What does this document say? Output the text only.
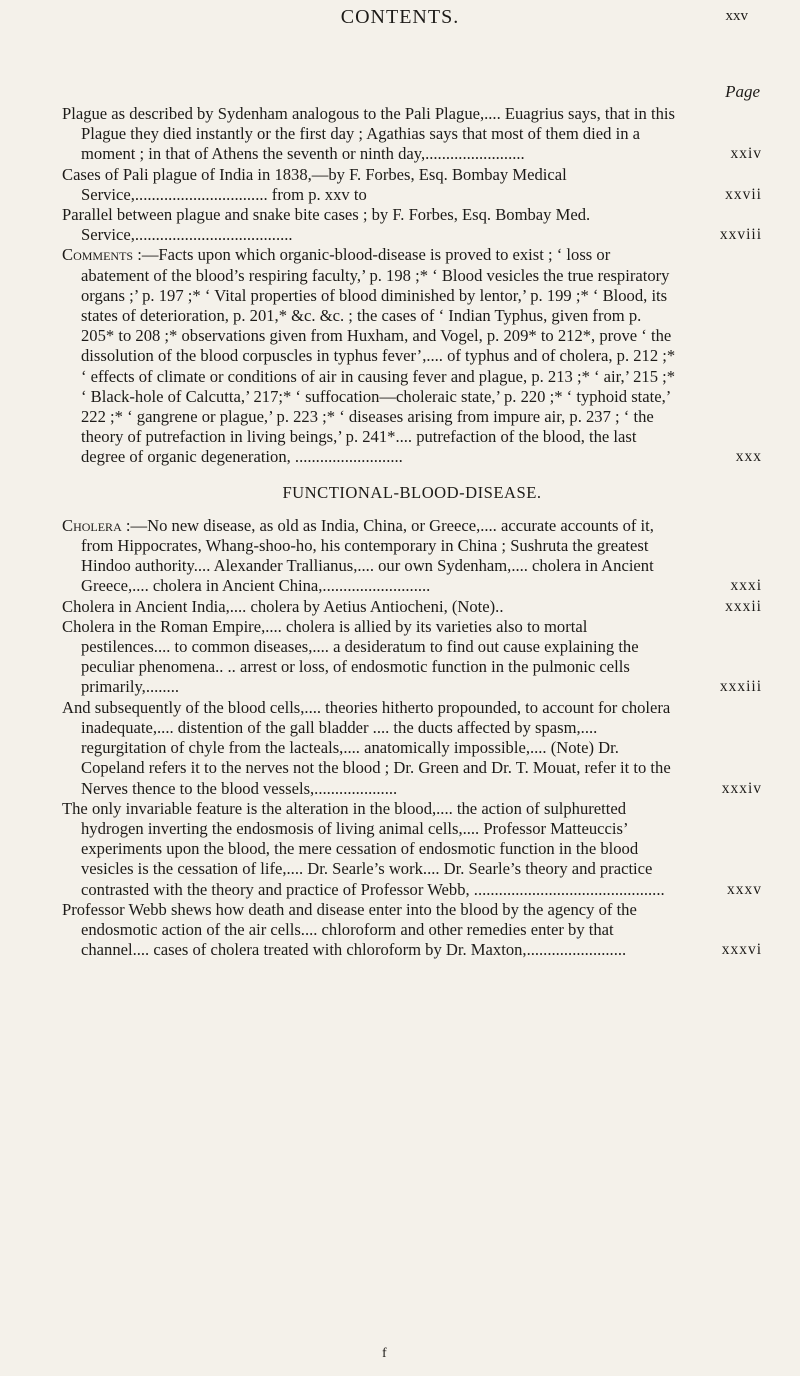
CONTENTS.	xxv
Page
Plague as described by Sydenham analogous to the Pali Plague,.... Euagrius says, that in this Plague they died instantly or the first day ; Agathias says that most of them died in a moment ; in that of Athens the seventh or ninth day,........................	xxiv
Cases of Pali plague of India in 1838,—by F. Forbes, Esq. Bombay Medical Service,................................ from p. xxv to	xxvii
Parallel between plague and snake bite cases ; by F. Forbes, Esq. Bombay Med. Service,......................................	xxviii
Comments :—Facts upon which organic-blood-disease is proved to exist ; ‘ loss or abatement of the blood’s respiring faculty,’ p. 198 ;* ‘ Blood vesicles the true respiratory organs ;’ p. 197 ;* ‘ Vital properties of blood diminished by lentor,’ p. 199 ;* ‘ Blood, its states of deterioration, p. 201,* &c. &c. ; the cases of ‘ Indian Typhus, given from p. 205* to 208 ;* observations given from Huxham, and Vogel, p. 209* to 212*, prove ‘ the dissolution of the blood corpuscles in typhus fever’,.... of typhus and of cholera, p. 212 ;* ‘ effects of climate or conditions of air in causing fever and plague, p. 213 ;* ‘ air,’ 215 ;* ‘ Black-hole of Calcutta,’ 217;* ‘ suffocation—choleraic state,’ p. 220 ;* ‘ typhoid state,’ 222 ;* ‘ gangrene or plague,’ p. 223 ;* ‘ diseases arising from impure air, p. 237 ; ‘ the theory of putrefaction in living beings,’ p. 241*.... putrefaction of the blood, the last degree of organic degeneration, ..........................	xxx
FUNCTIONAL-BLOOD-DISEASE.
Cholera :—No new disease, as old as India, China, or Greece,.... accurate accounts of it, from Hippocrates, Whang-shoo-ho, his contemporary in China ; Sushruta the greatest Hindoo authority.... Alexander Trallianus,.... our own Sydenham,.... cholera in Ancient Greece,.... cholera in Ancient China,..........................	xxxi
Cholera in Ancient India,.... cholera by Aetius Antiocheni, (Note)..	xxxii
Cholera in the Roman Empire,.... cholera is allied by its varieties also to mortal pestilences.... to common diseases,.... a desideratum to find out cause explaining the peculiar phenomena.. .. arrest or loss, of endosmotic function in the pulmonic cells primarily,........	xxxiii
And subsequently of the blood cells,.... theories hitherto propounded, to account for cholera inadequate,.... distention of the gall bladder .... the ducts affected by spasm,.... regurgitation of chyle from the lacteals,.... anatomically impossible,.... (Note) Dr. Copeland refers it to the nerves not the blood ; Dr. Green and Dr. T. Mouat, refer it to the Nerves thence to the blood vessels,....................	xxxiv
The only invariable feature is the alteration in the blood,.... the action of sulphuretted hydrogen inverting the endosmosis of living animal cells,.... Professor Matteuccis’ experiments upon the blood, the mere cessation of endosmotic function in the blood vesicles is the cessation of life,.... Dr. Searle’s work.... Dr. Searle’s theory and practice contrasted with the theory and practice of Professor Webb, ..............................................	xxxv
Professor Webb shews how death and disease enter into the blood by the agency of the endosmotic action of the air cells.... chloroform and other remedies enter by that channel.... cases of cholera treated with chloroform by Dr. Maxton,........................	xxxvi
f
